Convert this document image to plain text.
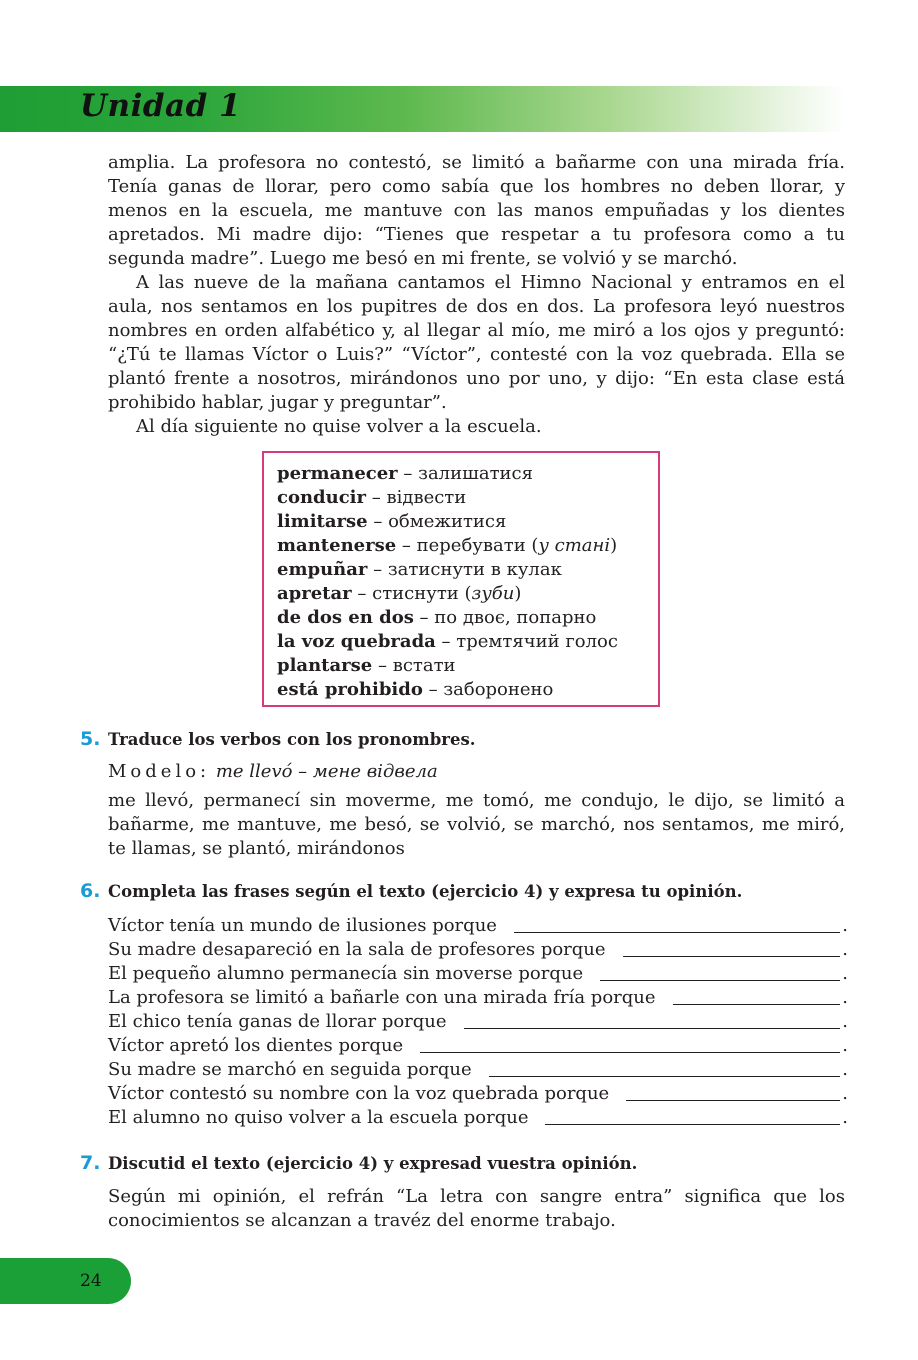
Unidad 1

amplia. La profesora no contestó, se limitó a bañarme con una mirada fría. Tenía ganas de llorar, pero como sabía que los hombres no deben llorar, y menos en la escuela, me mantuve con las manos empuñadas y los dientes apretados. Mi madre dijo: “Tienes que respetar a tu profesora como a tu segunda madre”. Luego me besó en mi frente, se volvió y se marchó.

A las nueve de la mañana cantamos el Himno Nacional y entramos en el aula, nos sentamos en los pupitres de dos en dos. La profesora leyó nuestros nombres en orden alfabético y, al llegar al mío, me miró a los ojos y preguntó: “¿Tú te llamas Víctor o Luis?” “Víctor”, contesté con la voz quebrada. Ella se plantó frente a nosotros, mirándonos uno por uno, y dijo: “En esta clase está prohibido hablar, jugar y preguntar”.

Al día siguiente no quise volver a la escuela.

permanecer – залишатися
conducir – відвести
limitarse – обмежитися
mantenerse – перебувати (у стані)
empuñar – затиснути в кулак
apretar – стиснути (зуби)
de dos en dos – по двоє, попарно
la voz quebrada – тремтячий голос
plantarse – встати
está prohibido – заборонено
5. Traduce los verbos con los pronombres.
Modelo: me llevó – мене відвела

me llevó, permanecí sin moverme, me tomó, me condujo, le dijo, se limitó a bañarme, me mantuve, me besó, se volvió, se marchó, nos sentamos, me miró, te llamas, se plantó, mirándonos

6. Completa las frases según el texto (ejercicio 4) y expresa tu opinión.
Víctor tenía un mundo de ilusiones porque	.
Su madre desapareció en la sala de profesores porque	.
El pequeño alumno permanecía sin moverse porque	.
La profesora se limitó a bañarle con una mirada fría porque	.
El chico tenía ganas de llorar porque	.
Víctor apretó los dientes porque	.
Su madre se marchó en seguida porque	.
Víctor contestó su nombre con la voz quebrada porque	.
El alumno no quiso volver a la escuela porque	.
7. Discutid el texto (ejercicio 4) y expresad vuestra opinión.

Según mi opinión, el refrán “La letra con sangre entra” significa que los conocimientos se alcanzan a travéz del enorme trabajo.

24
